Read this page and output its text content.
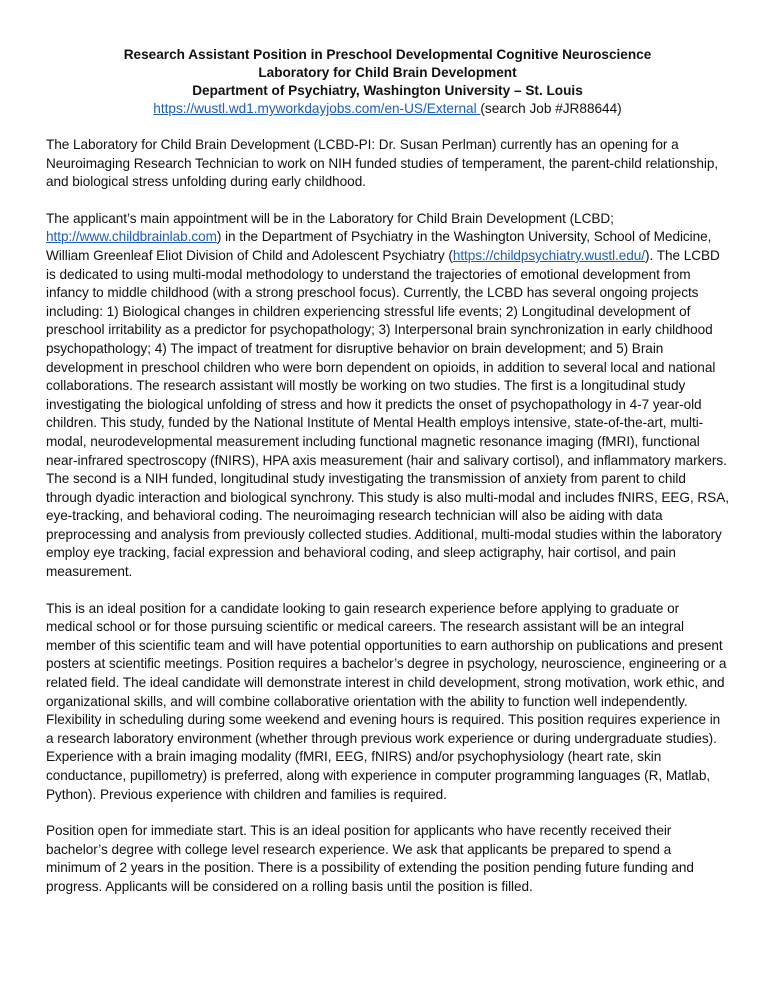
Research Assistant Position in Preschool Developmental Cognitive Neuroscience
Laboratory for Child Brain Development
Department of Psychiatry, Washington University – St. Louis
https://wustl.wd1.myworkdayjobs.com/en-US/External (search Job #JR88644)

The Laboratory for Child Brain Development (LCBD-PI: Dr. Susan Perlman) currently has an opening for a Neuroimaging Research Technician to work on NIH funded studies of temperament, the parent-child relationship, and biological stress unfolding during early childhood.

The applicant’s main appointment will be in the Laboratory for Child Brain Development (LCBD; http://www.childbrainlab.com) in the Department of Psychiatry in the Washington University, School of Medicine, William Greenleaf Eliot Division of Child and Adolescent Psychiatry (https://childpsychiatry.wustl.edu/). The LCBD is dedicated to using multi-modal methodology to understand the trajectories of emotional development from infancy to middle childhood (with a strong preschool focus). Currently, the LCBD has several ongoing projects including: 1) Biological changes in children experiencing stressful life events; 2) Longitudinal development of preschool irritability as a predictor for psychopathology; 3) Interpersonal brain synchronization in early childhood psychopathology; 4) The impact of treatment for disruptive behavior on brain development; and 5) Brain development in preschool children who were born dependent on opioids, in addition to several local and national collaborations. The research assistant will mostly be working on two studies. The first is a longitudinal study investigating the biological unfolding of stress and how it predicts the onset of psychopathology in 4-7 year-old children. This study, funded by the National Institute of Mental Health employs intensive, state-of-the-art, multi-modal, neurodevelopmental measurement including functional magnetic resonance imaging (fMRI), functional near-infrared spectroscopy (fNIRS), HPA axis measurement (hair and salivary cortisol), and inflammatory markers. The second is a NIH funded, longitudinal study investigating the transmission of anxiety from parent to child through dyadic interaction and biological synchrony. This study is also multi-modal and includes fNIRS, EEG, RSA, eye-tracking, and behavioral coding. The neuroimaging research technician will also be aiding with data preprocessing and analysis from previously collected studies. Additional, multi-modal studies within the laboratory employ eye tracking, facial expression and behavioral coding, and sleep actigraphy, hair cortisol, and pain measurement.

This is an ideal position for a candidate looking to gain research experience before applying to graduate or medical school or for those pursuing scientific or medical careers. The research assistant will be an integral member of this scientific team and will have potential opportunities to earn authorship on publications and present posters at scientific meetings. Position requires a bachelor’s degree in psychology, neuroscience, engineering or a related field. The ideal candidate will demonstrate interest in child development, strong motivation, work ethic, and organizational skills, and will combine collaborative orientation with the ability to function well independently. Flexibility in scheduling during some weekend and evening hours is required. This position requires experience in a research laboratory environment (whether through previous work experience or during undergraduate studies). Experience with a brain imaging modality (fMRI, EEG, fNIRS) and/or psychophysiology (heart rate, skin conductance, pupillometry) is preferred, along with experience in computer programming languages (R, Matlab, Python). Previous experience with children and families is required.

Position open for immediate start. This is an ideal position for applicants who have recently received their bachelor’s degree with college level research experience. We ask that applicants be prepared to spend a minimum of 2 years in the position. There is a possibility of extending the position pending future funding and progress. Applicants will be considered on a rolling basis until the position is filled.
